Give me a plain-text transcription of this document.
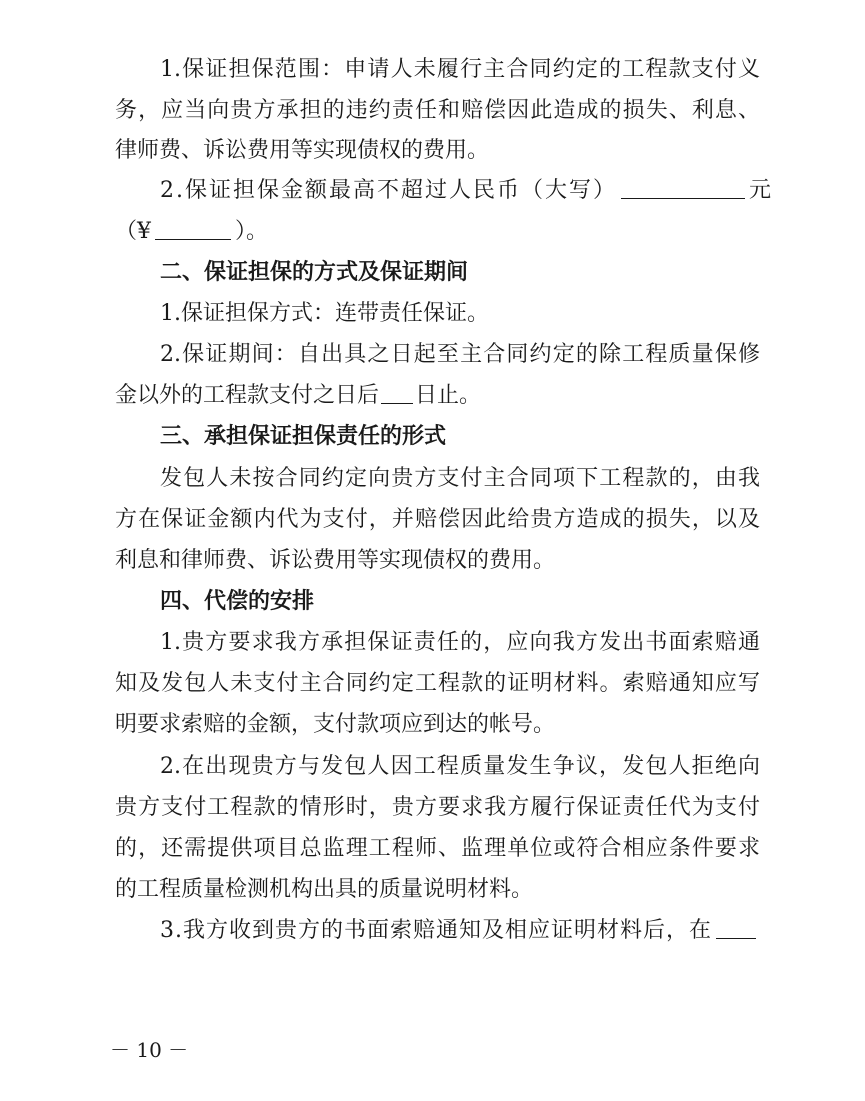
1.保证担保范围：申请人未履行主合同约定的工程款支付义
务，应当向贵方承担的违约责任和赔偿因此造成的损失、利息、
律师费、诉讼费用等实现债权的费用。
2.保证担保金额最高不超过人民币（大写）	元
（¥	）。
二、保证担保的方式及保证期间
1.保证担保方式：连带责任保证。
2.保证期间：自出具之日起至主合同约定的除工程质量保修
金以外的工程款支付之日后 日止。
三、承担保证担保责任的形式
发包人未按合同约定向贵方支付主合同项下工程款的，由我
方在保证金额内代为支付，并赔偿因此给贵方造成的损失，以及
利息和律师费、诉讼费用等实现债权的费用。
四、代偿的安排
1.贵方要求我方承担保证责任的，应向我方发出书面索赔通
知及发包人未支付主合同约定工程款的证明材料。索赔通知应写
明要求索赔的金额，支付款项应到达的帐号。
2.在出现贵方与发包人因工程质量发生争议，发包人拒绝向
贵方支付工程款的情形时，贵方要求我方履行保证责任代为支付
的，还需提供项目总监理工程师、监理单位或符合相应条件要求
的工程质量检测机构出具的质量说明材料。
3.我方收到贵方的书面索赔通知及相应证明材料后，在
－ 10 －
